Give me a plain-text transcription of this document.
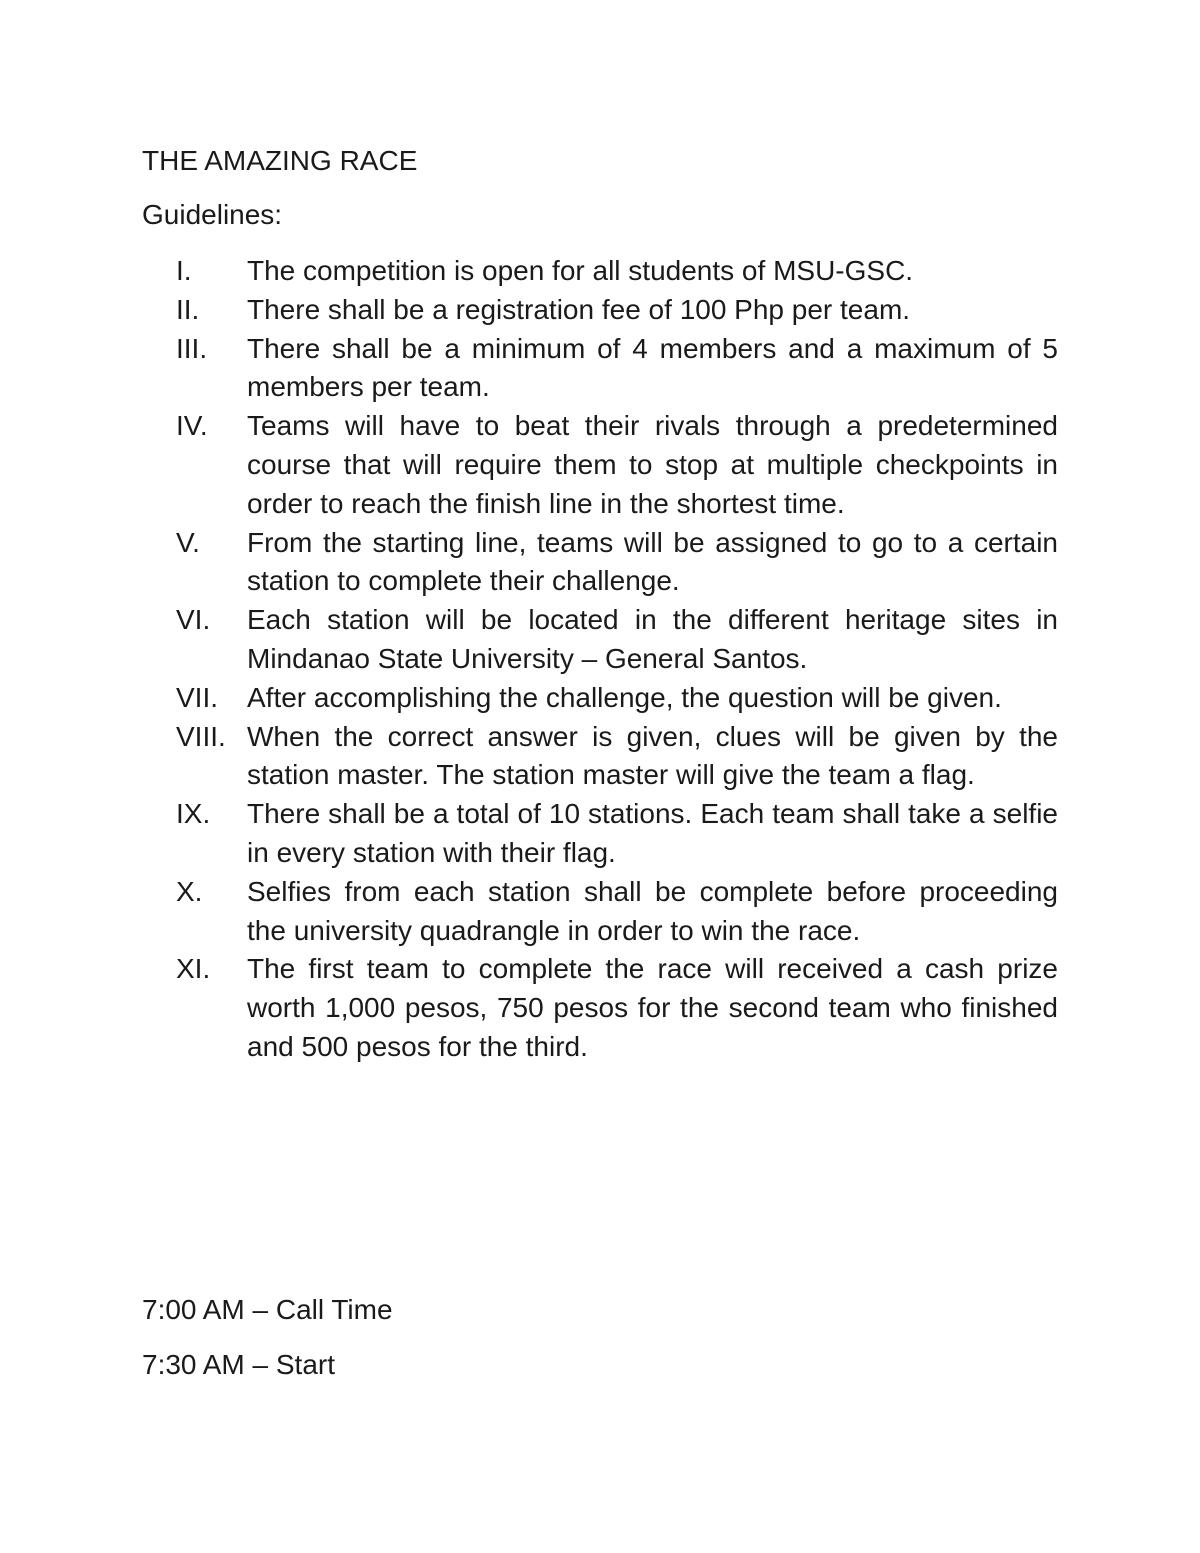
THE AMAZING RACE
Guidelines:
I.	The competition is open for all students of MSU-GSC.
II.	There shall be a registration fee of 100 Php per team.
III.	There shall be a minimum of 4 members and a maximum of 5 members per team.
IV.	Teams will have to beat their rivals through a predetermined course that will require them to stop at multiple checkpoints in order to reach the finish line in the shortest time.
V.	From the starting line, teams will be assigned to go to a certain station to complete their challenge.
VI.	Each station will be located in the different heritage sites in Mindanao State University – General Santos.
VII.	After accomplishing the challenge, the question will be given.
VIII. When the correct answer is given, clues will be given by the station master. The station master will give the team a flag.
IX.	There shall be a total of 10 stations. Each team shall take a selfie in every station with their flag.
X.	Selfies from each station shall be complete before proceeding the university quadrangle in order to win the race.
XI.	The first team to complete the race will received a cash prize worth 1,000 pesos, 750 pesos for the second team who finished and 500 pesos for the third.
7:00 AM – Call Time
7:30 AM – Start
